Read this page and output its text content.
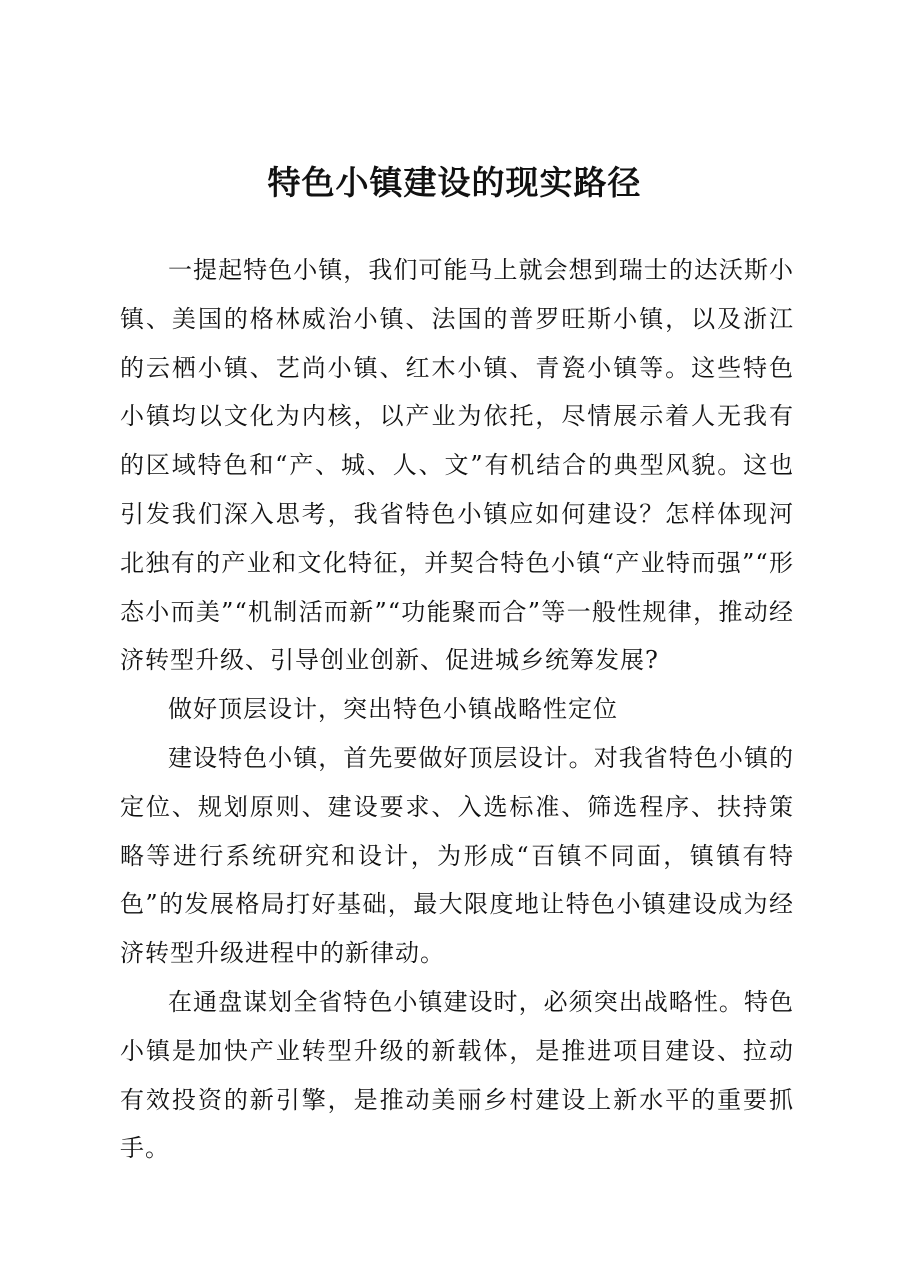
特色小镇建设的现实路径

一提起特色小镇，我们可能马上就会想到瑞士的达沃斯小镇、美国的格林威治小镇、法国的普罗旺斯小镇，以及浙江的云栖小镇、艺尚小镇、红木小镇、青瓷小镇等。这些特色小镇均以文化为内核，以产业为依托，尽情展示着人无我有的区域特色和“产、城、人、文”有机结合的典型风貌。这也引发我们深入思考，我省特色小镇应如何建设？怎样体现河北独有的产业和文化特征，并契合特色小镇“产业特而强”“形态小而美”“机制活而新”“功能聚而合”等一般性规律，推动经济转型升级、引导创业创新、促进城乡统筹发展?

做好顶层设计，突出特色小镇战略性定位

建设特色小镇，首先要做好顶层设计。对我省特色小镇的定位、规划原则、建设要求、入选标准、筛选程序、扶持策略等进行系统研究和设计，为形成“百镇不同面，镇镇有特色”的发展格局打好基础，最大限度地让特色小镇建设成为经济转型升级进程中的新律动。

在通盘谋划全省特色小镇建设时，必须突出战略性。特色小镇是加快产业转型升级的新载体，是推进项目建设、拉动有效投资的新引擎，是推动美丽乡村建设上新水平的重要抓手。
